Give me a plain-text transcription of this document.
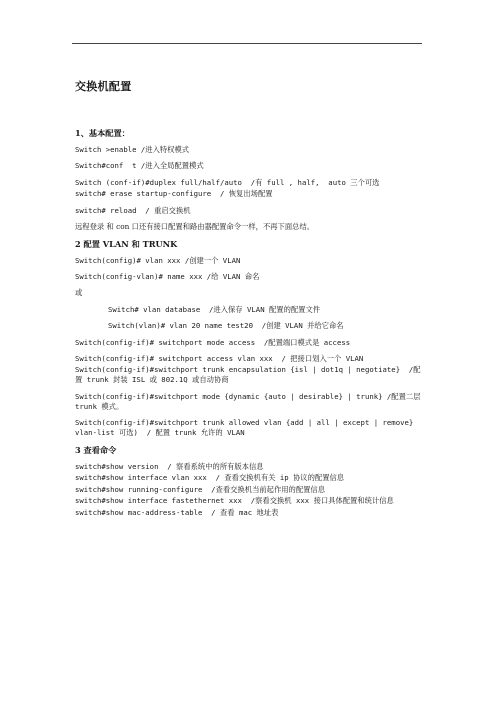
交换机配置
1、基本配置：
Switch >enable /进入特权模式
Switch#conf  t /进入全局配置模式
Switch (conf-if)#duplex full/half/auto  /有 full , half,  auto 三个可选
switch# erase startup-configure  / 恢复出场配置
switch# reload  / 重启交换机
远程登录 和 con 口还有接口配置和路由器配置命令一样，不再下面总结。
2 配置 VLAN 和 TRUNK
Switch(config)# vlan xxx /创建一个 VLAN
Switch(config-vlan)# name xxx /给 VLAN 命名
或
Switch# vlan database  /进入保存 VLAN 配置的配置文件
Switch(vlan)# vlan 20 name test20  /创建 VLAN 并给它命名
Switch(config-if)# switchport mode access  /配置端口模式是 access
Switch(config-if)# switchport access vlan xxx  / 把接口划入一个 VLAN
Switch(config-if)#switchport trunk encapsulation {isl | dot1q | negotiate}  /配置 trunk 封装 ISL 或 802.1Q 或自动协商
Switch(config-if)#switchport mode {dynamic {auto | desirable} | trunk} /配置二层 trunk 模式。
Switch(config-if)#switchport trunk allowed vlan {add | all | except | remove} vlan-list 可选)  / 配置 trunk 允许的 VLAN
3 查看命令
switch#show version  / 察看系统中的所有版本信息
switch#show interface vlan xxx  / 查看交换机有关 ip 协议的配置信息
switch#show running-configure  /查看交换机当前起作用的配置信息
switch#show interface fastethernet xxx  /察看交换机 xxx 接口具体配置和统计信息
switch#show mac-address-table  / 查看 mac 地址表
